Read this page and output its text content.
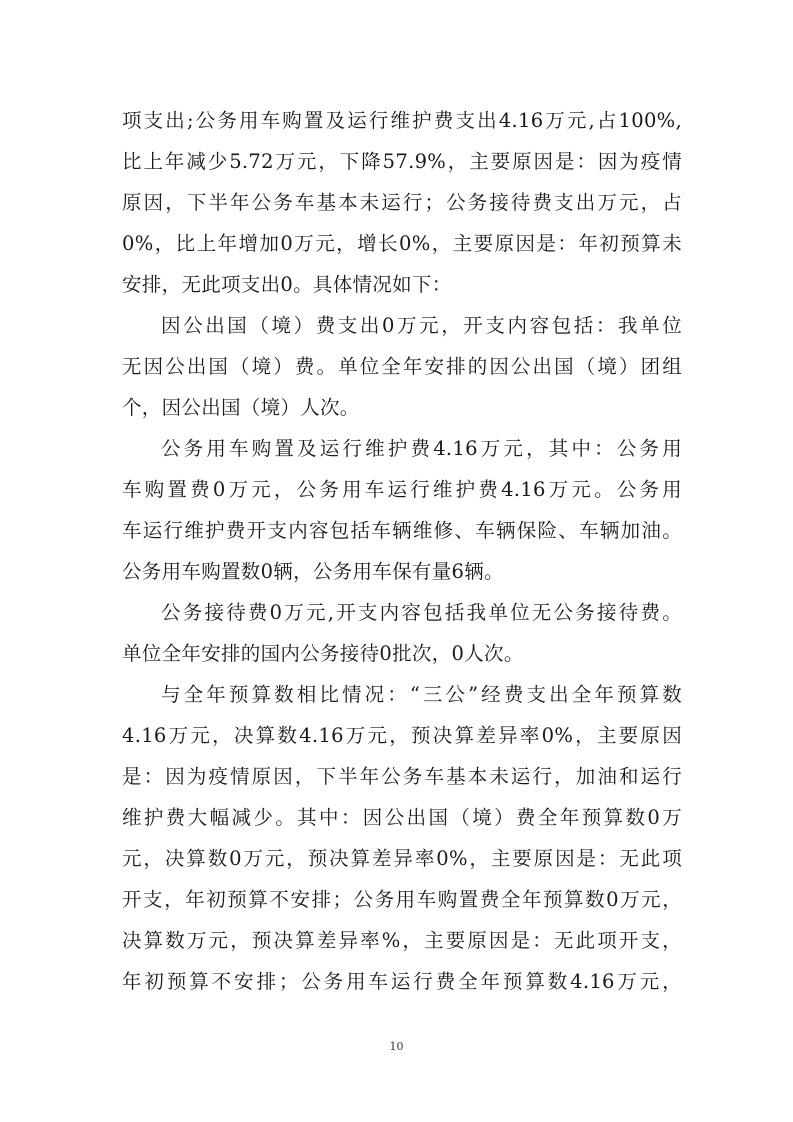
项支出;公务用车购置及运行维护费支出4.16万元,占100%,
比上年减少5.72万元，下降57.9%，主要原因是：因为疫情
原因，下半年公务车基本未运行；公务接待费支出万元，占
0%，比上年增加0万元，增长0%，主要原因是：年初预算未
安排，无此项支出0。具体情况如下：
因公出国（境）费支出0万元，开支内容包括：我单位
无因公出国（境）费。单位全年安排的因公出国（境）团组
个，因公出国（境）人次。
公务用车购置及运行维护费4.16万元，其中：公务用
车购置费0万元，公务用车运行维护费4.16万元。公务用
车运行维护费开支内容包括车辆维修、车辆保险、车辆加油。
公务用车购置数0辆，公务用车保有量6辆。
公务接待费0万元,开支内容包括我单位无公务接待费。
单位全年安排的国内公务接待0批次，0人次。
与全年预算数相比情况：“三公”经费支出全年预算数
4.16万元，决算数4.16万元，预决算差异率0%，主要原因
是：因为疫情原因，下半年公务车基本未运行，加油和运行
维护费大幅减少。其中：因公出国（境）费全年预算数0万
元，决算数0万元，预决算差异率0%，主要原因是：无此项
开支，年初预算不安排；公务用车购置费全年预算数0万元，
决算数万元，预决算差异率%，主要原因是：无此项开支，
年初预算不安排；公务用车运行费全年预算数4.16万元，
10
